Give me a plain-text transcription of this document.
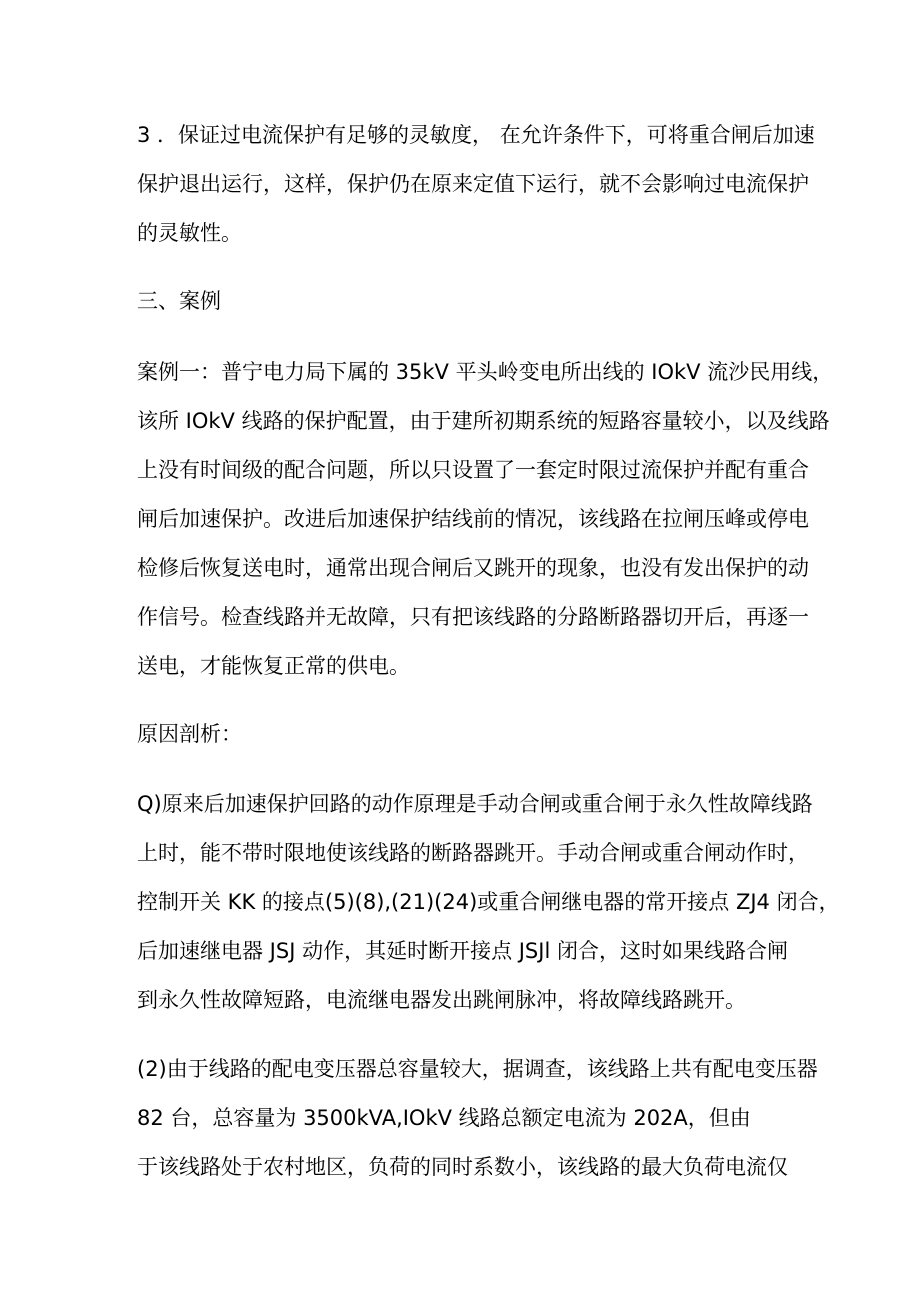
3 ．保证过电流保护有足够的灵敏度， 在允许条件下，可将重合闸后加速
保护退出运行，这样，保护仍在原来定值下运行，就不会影响过电流保护
的灵敏性。
三、案例
案例一：普宁电力局下属的 35kV 平头岭变电所出线的 IOkV 流沙民用线，
该所 IOkV 线路的保护配置，由于建所初期系统的短路容量较小，以及线路
上没有时间级的配合问题，所以只设置了一套定时限过流保护并配有重合
闸后加速保护。改进后加速保护结线前的情况，该线路在拉闸压峰或停电
检修后恢复送电时，通常出现合闸后又跳开的现象，也没有发出保护的动
作信号。检查线路并无故障，只有把该线路的分路断路器切开后，再逐一
送电，才能恢复正常的供电。
原因剖析：
Q)原来后加速保护回路的动作原理是手动合闸或重合闸于永久性故障线路
上时，能不带时限地使该线路的断路器跳开。手动合闸或重合闸动作时，
控制开关 KK 的接点(5)(8),(21)(24)或重合闸继电器的常开接点 ZJ4 闭合，
后加速继电器 JSJ 动作，其延时断开接点 JSJl 闭合，这时如果线路合闸
到永久性故障短路，电流继电器发出跳闸脉冲，将故障线路跳开。
(2)由于线路的配电变压器总容量较大，据调查，该线路上共有配电变压器
82 台，总容量为 3500kVA,IOkV 线路总额定电流为 202A，但由
于该线路处于农村地区，负荷的同时系数小，该线路的最大负荷电流仅
